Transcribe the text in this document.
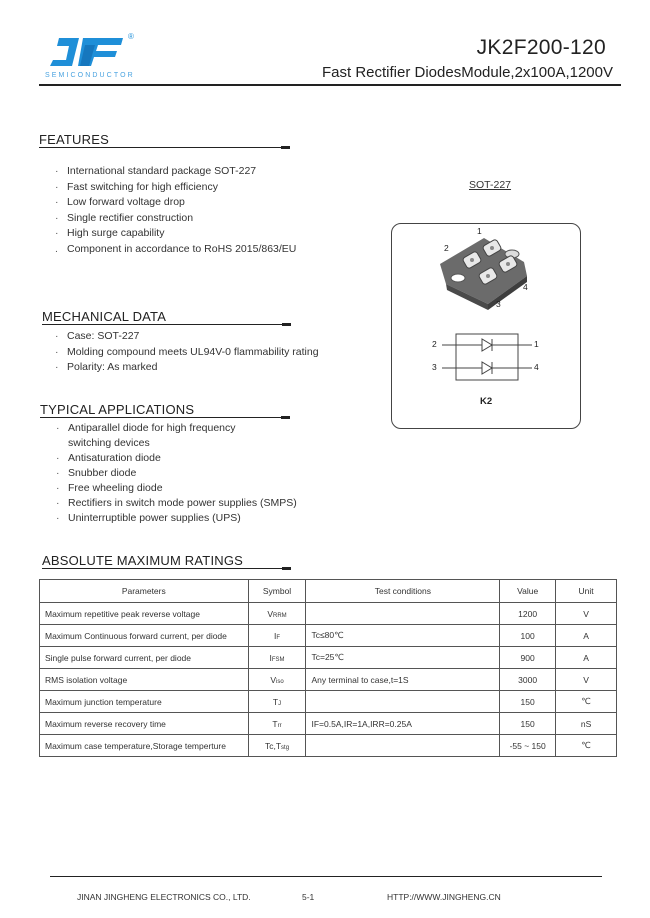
®
SEMICONDUCTOR
JK2F200-120
Fast Rectifier DiodesModule,2x100A,1200V
FEATURES
· International standard package SOT-227
· Fast switching for high efficiency
· Low forward voltage drop
· Single rectifier construction
· High surge capability
. Component in accordance to RoHS 2015/863/EU
SOT-227
1
2
3
4
2	1
3	4
K2
MECHANICAL DATA
· Case: SOT-227
· Molding compound meets UL94V-0 flammability rating
· Polarity: As marked
TYPICAL APPLICATIONS
· Antiparallel diode for high frequency
switching devices
· Antisaturation diode
· Snubber diode
· Free wheeling diode
· Rectifiers in switch mode power supplies (SMPS)
· Uninterruptible power supplies (UPS)
ABSOLUTE MAXIMUM RATINGS
Parameters	Symbol	Test conditions	Value	Unit
Maximum repetitive peak reverse voltage	VRRM		1200	V
Maximum Continuous forward current, per diode	IF	Tc≤80℃	100	A
Single pulse forward current, per diode	IFSM	Tc=25℃	900	A
RMS isolation voltage	Viso	Any terminal to case,t=1S	3000	V
Maximum junction temperature	TJ		150	℃
Maximum reverse recovery time	Trr	IF=0.5A,IR=1A,IRR=0.25A	150	nS
Maximum case temperature,Storage temperture	Tc,Tstg		-55 ~ 150	℃
JINAN JINGHENG ELECTRONICS CO., LTD.	5-1	HTTP://WWW.JINGHENG.CN
